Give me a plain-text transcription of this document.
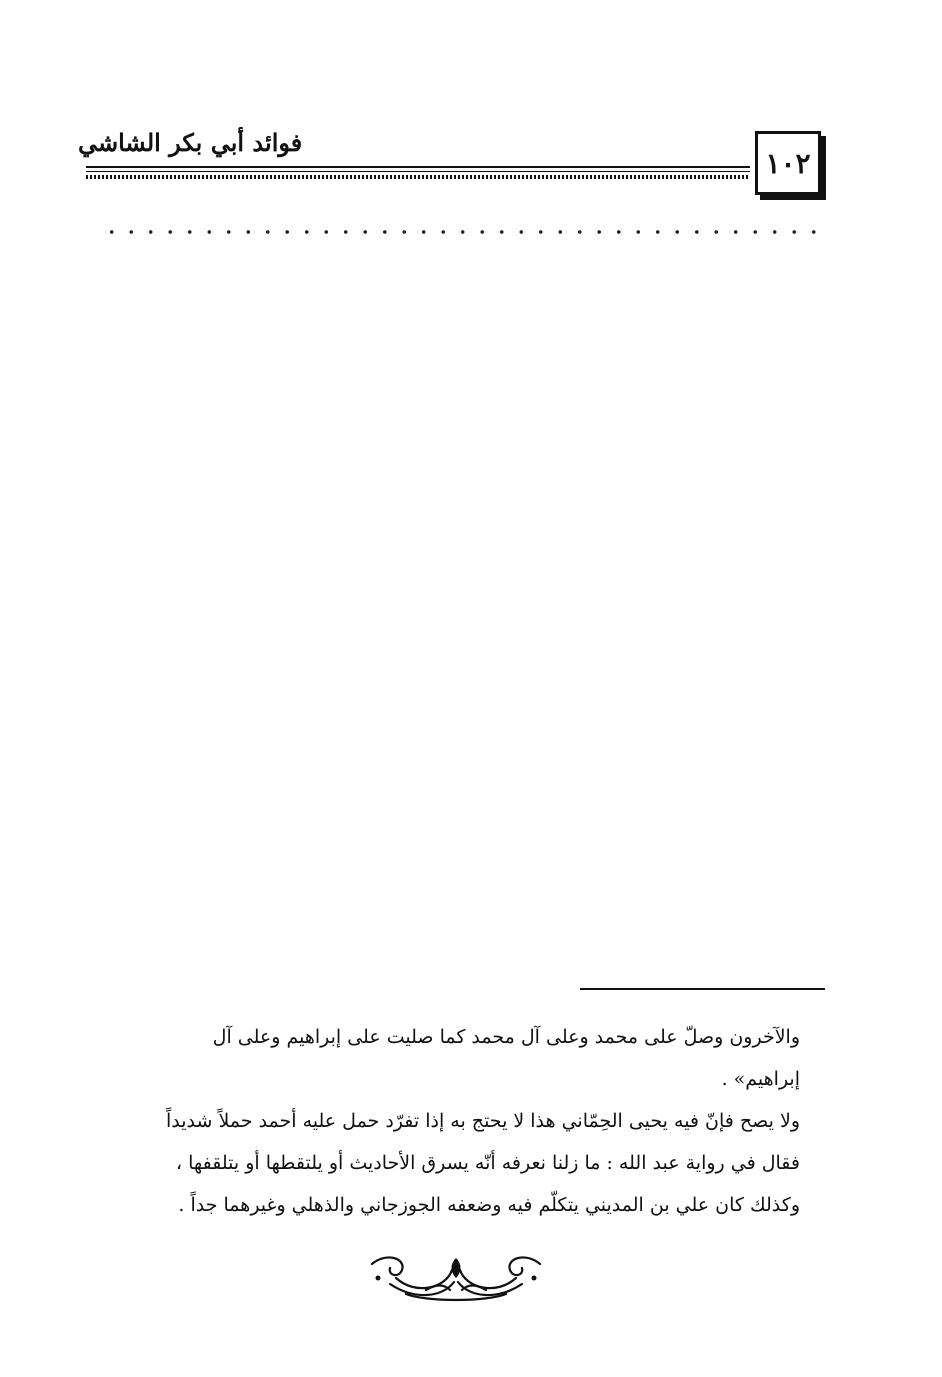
فوائد أبي بكر الشاشي
١٠٢
والآخرون وصلّ على محمد وعلى آل محمد كما صليت على إبراهيم وعلى آل
إبراهيم» .
ولا يصح فإنّ فيه يحيى الحِمّاني هذا لا يحتج به إذا تفرّد حمل عليه أحمد حملاً شديداً
فقال في رواية عبد الله : ما زلنا نعرفه أنّه يسرق الأحاديث أو يلتقطها أو يتلقفها ،
وكذلك كان علي بن المديني يتكلّم فيه وضعفه الجوزجاني والذهلي وغيرهما جداً .
